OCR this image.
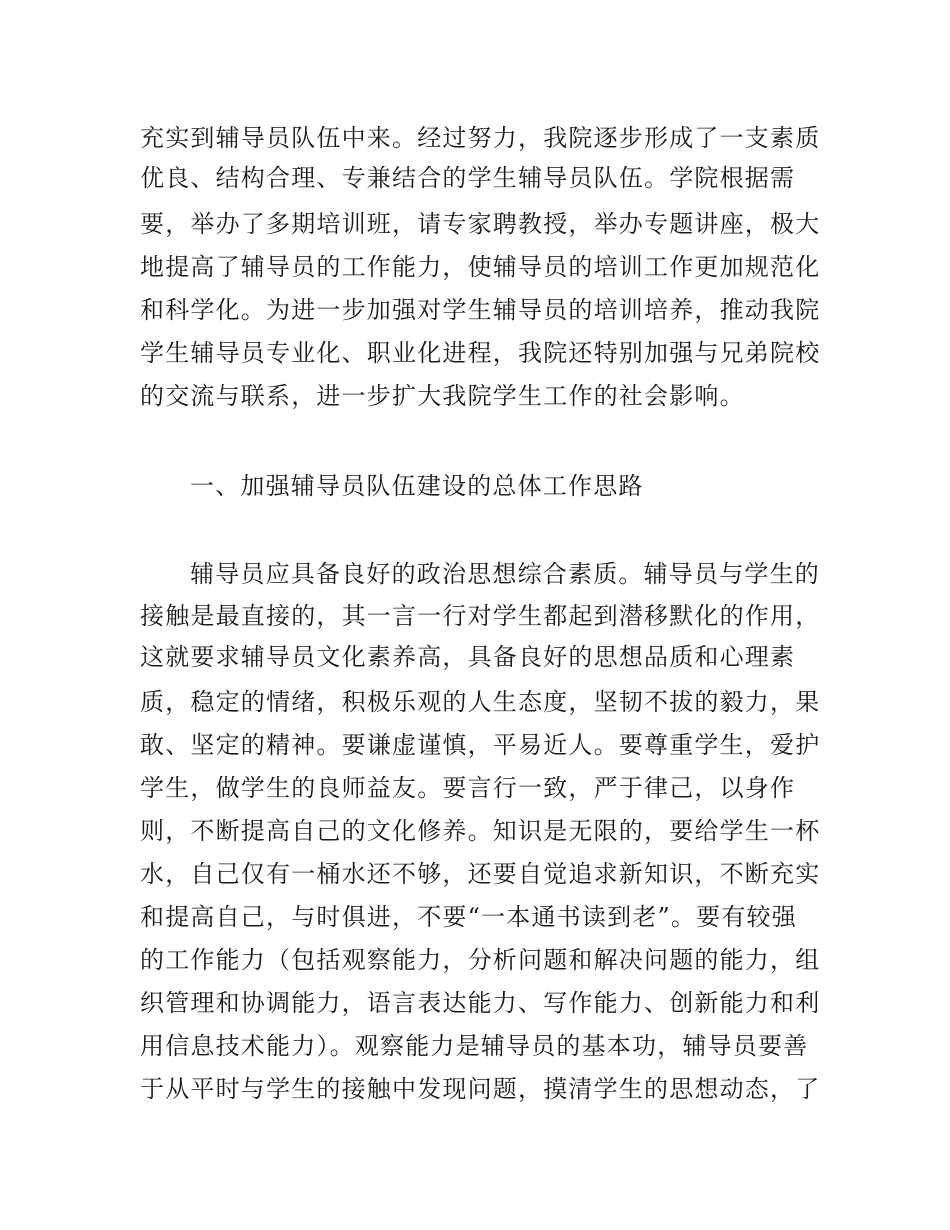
充实到辅导员队伍中来。经过努力，我院逐步形成了一支素质
优良、结构合理、专兼结合的学生辅导员队伍。学院根据需
要，举办了多期培训班，请专家聘教授，举办专题讲座，极大
地提高了辅导员的工作能力，使辅导员的培训工作更加规范化
和科学化。为进一步加强对学生辅导员的培训培养，推动我院
学生辅导员专业化、职业化进程，我院还特别加强与兄弟院校
的交流与联系，进一步扩大我院学生工作的社会影响。
一、加强辅导员队伍建设的总体工作思路
辅导员应具备良好的政治思想综合素质。辅导员与学生的
接触是最直接的，其一言一行对学生都起到潜移默化的作用，
这就要求辅导员文化素养高，具备良好的思想品质和心理素
质，稳定的情绪，积极乐观的人生态度，坚韧不拔的毅力，果
敢、坚定的精神。要谦虚谨慎，平易近人。要尊重学生，爱护
学生，做学生的良师益友。要言行一致，严于律己，以身作
则，不断提高自己的文化修养。知识是无限的，要给学生一杯
水，自己仅有一桶水还不够，还要自觉追求新知识，不断充实
和提高自己，与时俱进，不要“一本通书读到老”。要有较强
的工作能力（包括观察能力，分析问题和解决问题的能力，组
织管理和协调能力，语言表达能力、写作能力、创新能力和利
用信息技术能力）。观察能力是辅导员的基本功，辅导员要善
于从平时与学生的接触中发现问题，摸清学生的思想动态，了
